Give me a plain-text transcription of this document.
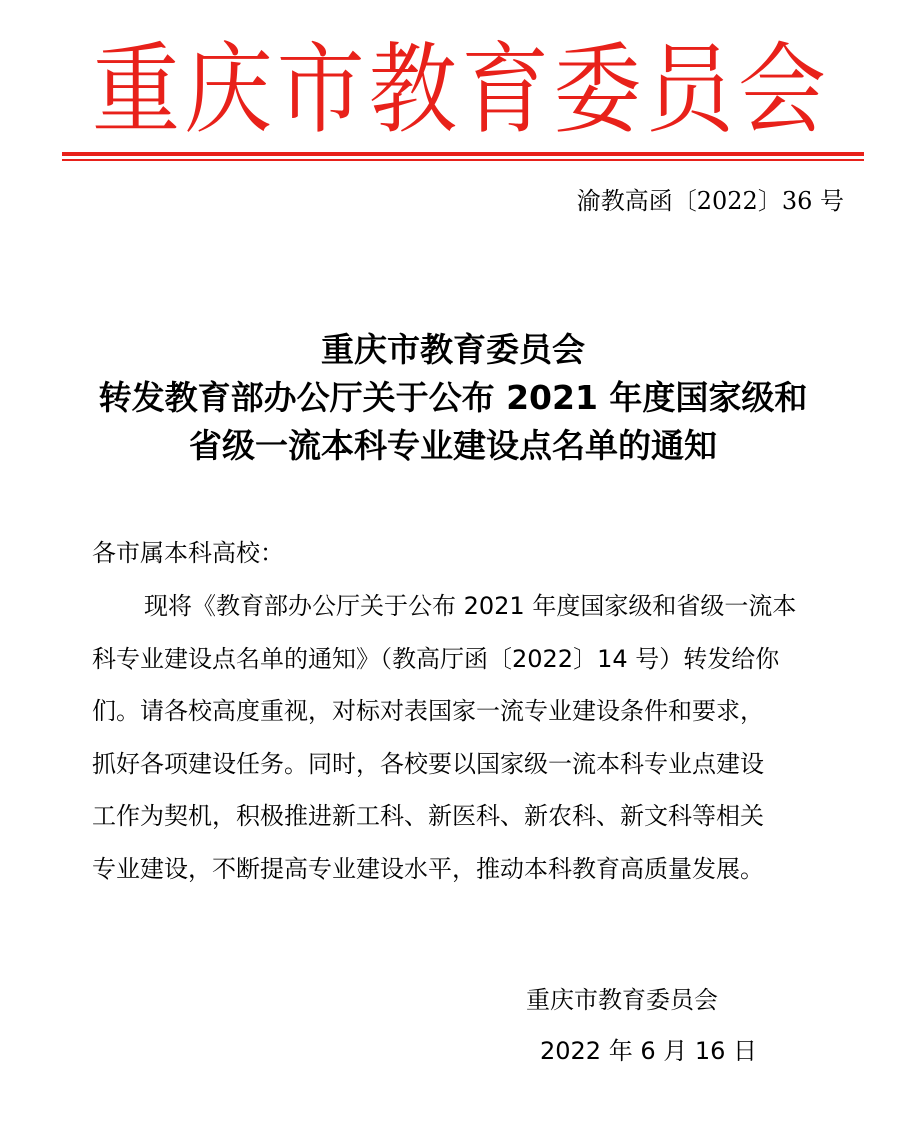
重 庆 市 教 育 委 员 会
渝教高函〔2022〕36 号
重庆市教育委员会
转发教育部办公厅关于公布 2021 年度国家级和
省级一流本科专业建设点名单的通知
各市属本科高校：
现将《教育部办公厅关于公布 2021 年度国家级和省级一流本
科专业建设点名单的通知》（教高厅函〔2022〕14 号）转发给你
们。请各校高度重视，对标对表国家一流专业建设条件和要求，
抓好各项建设任务。同时，各校要以国家级一流本科专业点建设
工作为契机，积极推进新工科、新医科、新农科、新文科等相关
专业建设，不断提高专业建设水平，推动本科教育高质量发展。
重庆市教育委员会
2022 年 6 月 16 日
